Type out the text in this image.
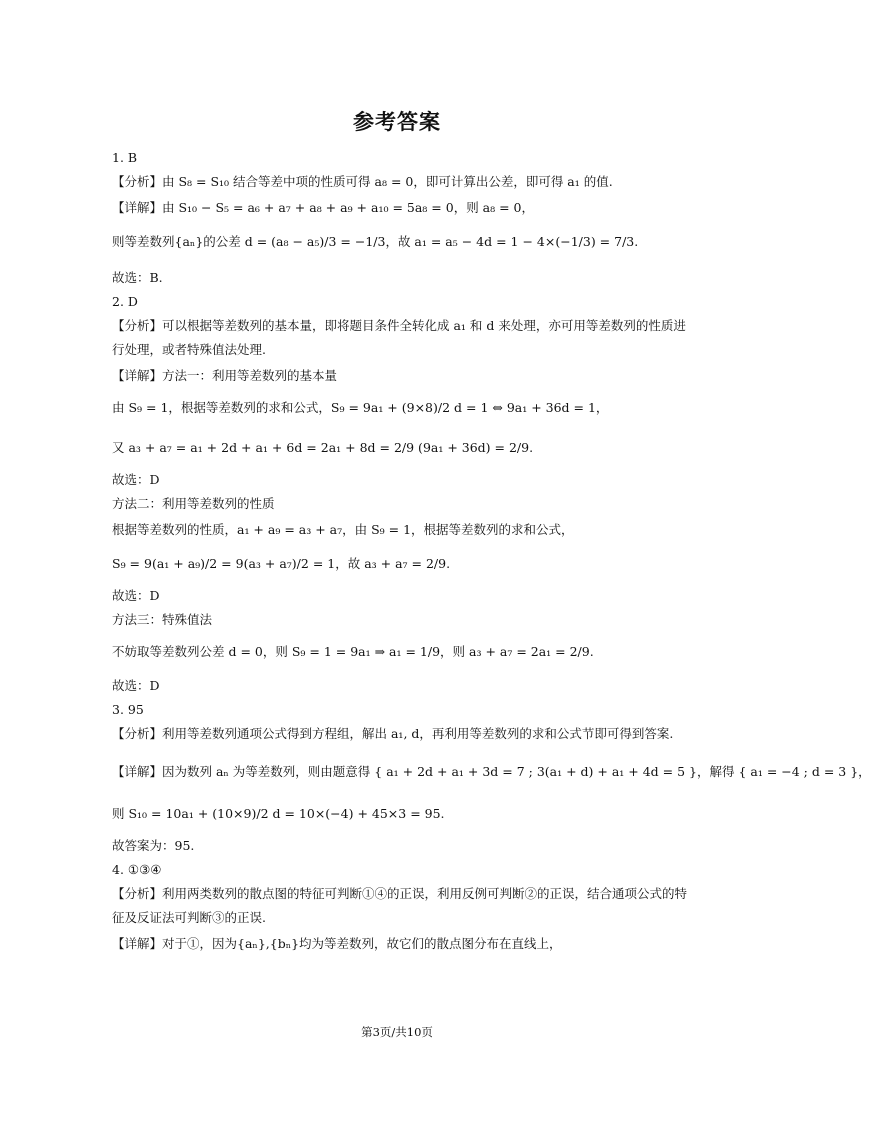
参考答案
1. B
【分析】由 S₈ = S₁₀ 结合等差中项的性质可得 a₈ = 0，即可计算出公差，即可得 a₁ 的值.
【详解】由 S₁₀ − S₅ = a₆ + a₇ + a₈ + a₉ + a₁₀ = 5a₈ = 0，则 a₈ = 0，
则等差数列{aₙ}的公差 d = (a₈ − a₅)/3 = −1/3，故 a₁ = a₅ − 4d = 1 − 4×(−1/3) = 7/3.
故选：B.
2. D
【分析】可以根据等差数列的基本量，即将题目条件全转化成 a₁ 和 d 来处理，亦可用等差数列的性质进行处理，或者特殊值法处理.
【详解】方法一：利用等差数列的基本量
由 S₉ = 1，根据等差数列的求和公式，S₉ = 9a₁ + (9×8)/2 d = 1 ⇔ 9a₁ + 36d = 1，
又 a₃ + a₇ = a₁ + 2d + a₁ + 6d = 2a₁ + 8d = 2/9 (9a₁ + 36d) = 2/9.
故选：D
方法二：利用等差数列的性质
根据等差数列的性质，a₁ + a₉ = a₃ + a₇，由 S₉ = 1，根据等差数列的求和公式，
S₉ = 9(a₁ + a₉)/2 = 9(a₃ + a₇)/2 = 1，故 a₃ + a₇ = 2/9.
故选：D
方法三：特殊值法
不妨取等差数列公差 d = 0，则 S₉ = 1 = 9a₁ ⇒ a₁ = 1/9，则 a₃ + a₇ = 2a₁ = 2/9.
故选：D
3. 95
【分析】利用等差数列通项公式得到方程组，解出 a₁, d，再利用等差数列的求和公式节即可得到答案.
【详解】因为数列 aₙ 为等差数列，则由题意得 { a₁ + 2d + a₁ + 3d = 7 ; 3(a₁ + d) + a₁ + 4d = 5 }，解得 { a₁ = −4 ; d = 3 }，
则 S₁₀ = 10a₁ + (10×9)/2 d = 10×(−4) + 45×3 = 95.
故答案为：95.
4. ①③④
【分析】利用两类数列的散点图的特征可判断①④的正误，利用反例可判断②的正误，结合通项公式的特征及反证法可判断③的正误.
【详解】对于①，因为{aₙ},{bₙ}均为等差数列，故它们的散点图分布在直线上，
第3页/共10页
